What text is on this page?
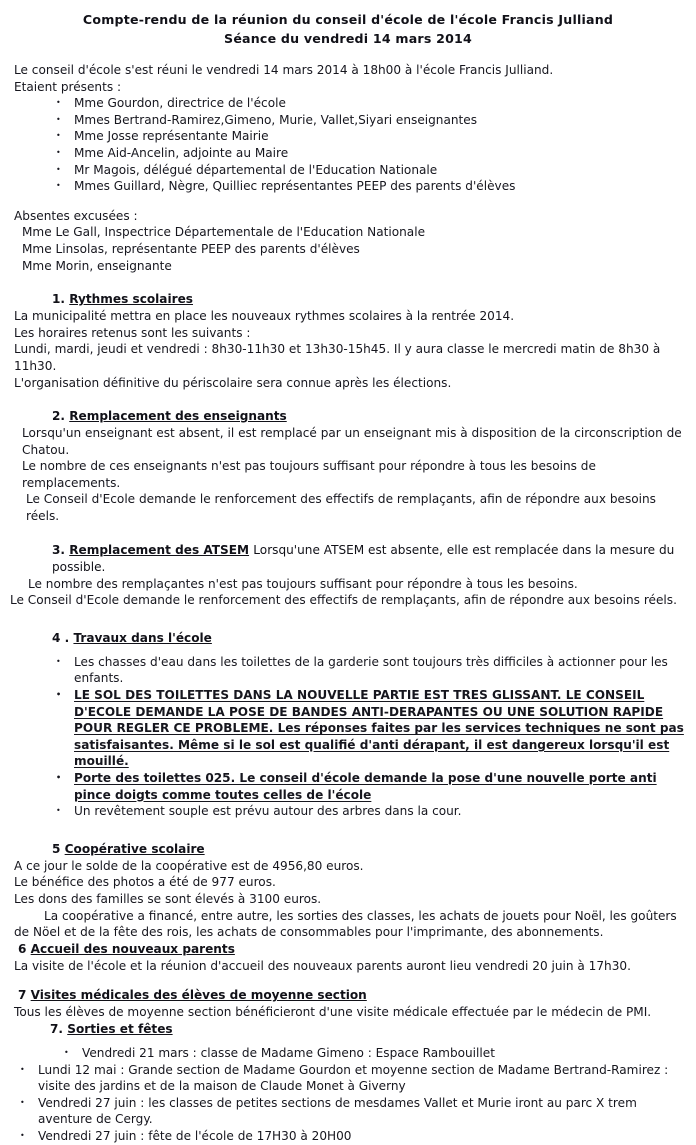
Compte-rendu de la réunion du conseil d'école de l'école Francis Julliand
Séance du vendredi 14 mars 2014

Le conseil d'école s'est réuni le vendredi 14 mars 2014 à 18h00 à l'école Francis Julliand.

Etaient présents :

• Mme Gourdon, directrice de l'école
• Mmes Bertrand-Ramirez,Gimeno, Murie, Vallet,Siyari enseignantes
• Mme Josse représentante Mairie
• Mme Aid-Ancelin, adjointe au Maire
• Mr Magois, délégué départemental de l'Education Nationale
• Mmes Guillard, Nègre, Quilliec représentantes PEEP des parents d'élèves

Absentes excusées :

Mme Le Gall, Inspectrice Départementale de l'Education Nationale

Mme Linsolas, représentante PEEP des parents d'élèves

Mme Morin, enseignante

1. Rythmes scolaires

La municipalité mettra en place les nouveaux rythmes scolaires à la rentrée 2014.

Les horaires retenus sont les suivants :

Lundi, mardi, jeudi et vendredi : 8h30-11h30 et 13h30-15h45. Il y aura classe le mercredi matin de 8h30 à 11h30.

L'organisation définitive du périscolaire sera connue après les élections.

2. Remplacement des enseignants

Lorsqu'un enseignant est absent, il est remplacé par un enseignant mis à disposition de la circonscription de Chatou.

Le nombre de ces enseignants n'est pas toujours suffisant pour répondre à tous les besoins de remplacements.

Le Conseil d'Ecole demande le renforcement des effectifs de remplaçants, afin de répondre aux besoins réels.

3. Remplacement des ATSEM Lorsqu'une ATSEM est absente, elle est remplacée dans la mesure du possible.

Le nombre des remplaçantes n'est pas toujours suffisant pour répondre à tous les besoins.

Le Conseil d'Ecole demande le renforcement des effectifs de remplaçants, afin de répondre aux besoins réels.

4 . Travaux dans l'école

• Les chasses d'eau dans les toilettes de la garderie sont toujours très difficiles à actionner pour les enfants.
• LE SOL DES TOILETTES DANS LA NOUVELLE PARTIE EST TRES GLISSANT. LE CONSEIL D'ECOLE DEMANDE LA POSE DE BANDES ANTI-DERAPANTES OU UNE SOLUTION RAPIDE POUR REGLER CE PROBLEME. Les réponses faites par les services techniques ne sont pas satisfaisantes. Même si le sol est qualifié d'anti dérapant, il est dangereux lorsqu'il est mouillé.
• Porte des toilettes 025. Le conseil d'école demande la pose d'une nouvelle porte anti pince doigts comme toutes celles de l'école
• Un revêtement souple est prévu autour des arbres dans la cour.

5 Coopérative scolaire

A ce jour le solde de la coopérative est de 4956,80 euros.

Le bénéfice des photos a été de 977 euros.

Les dons des familles se sont élevés à 3100 euros.

La coopérative a financé, entre autre, les sorties des classes, les achats de jouets pour Noël, les goûters de Nöel et de la fête des rois, les achats de consommables pour l'imprimante, des abonnements.

6 Accueil des nouveaux parents

La visite de l'école et la réunion d'accueil des nouveaux parents auront lieu vendredi 20 juin à 17h30.

7 Visites médicales des élèves de moyenne section

Tous les élèves de moyenne section bénéficieront d'une visite médicale effectuée par le médecin de PMI.

7. Sorties et fêtes

• Vendredi 21 mars : classe de Madame Gimeno : Espace Rambouillet
• Lundi 12 mai : Grande section de Madame Gourdon et moyenne section de Madame Bertrand-Ramirez : visite des jardins et de la maison de Claude Monet à Giverny
• Vendredi 27 juin : les classes de petites sections de mesdames Vallet et Murie iront au parc X trem aventure de Cergy.
• Vendredi 27 juin : fête de l'école de 17H30 à 20H00
